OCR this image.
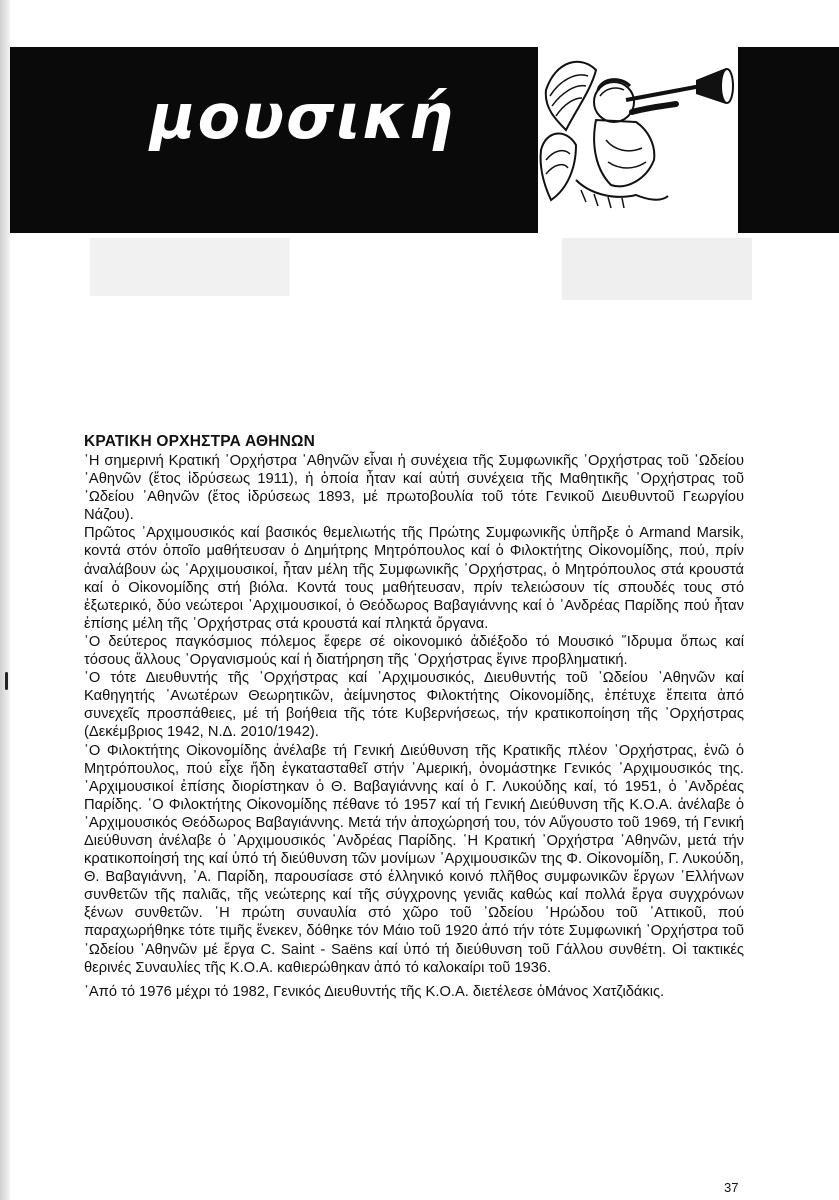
μουσική
ΚΡΑΤΙΚΗ ΟΡΧΗΣΤΡΑ ΑΘΗΝΩΝ

῾Η σημερινή Κρατική ᾿Ορχήστρα ᾿Αθηνῶν εἶναι ἡ συνέχεια τῆς Συμφωνικῆς ᾿Ορχήστρας τοῦ ᾿Ωδείου ᾿Αθηνῶν (ἔτος ἱδρύσεως 1911), ἡ ὁποία ἦταν καί αὐτή συνέχεια τῆς Μαθητικῆς ᾿Ορχήστρας τοῦ ᾿Ωδείου ᾿Αθηνῶν (ἔτος ἱδρύσεως 1893, μέ πρωτοβουλία τοῦ τότε Γενικοῦ Διευθυντοῦ Γεωργίου Νάζου).

Πρῶτος ᾿Αρχιμουσικός καί βασικός θεμελιωτής τῆς Πρώτης Συμφωνικῆς ὑπῆρξε ὁ Armand Marsik, κοντά στόν ὁποῖο μαθήτευσαν ὁ Δημήτρης Μητρόπουλος καί ὁ Φιλοκτήτης Οἰκονομίδης, πού, πρίν ἀναλάβουν ὡς ᾿Αρχιμουσικοί, ἦταν μέλη τῆς Συμφωνικῆς ᾿Ορχήστρας, ὁ Μητρόπουλος στά κρουστά καί ὁ Οἰκονομίδης στή βιόλα. Κοντά τους μαθήτευσαν, πρίν τελειώσουν τίς σπουδές τους στό ἐξωτερικό, δύο νεώτεροι ᾿Αρχιμουσικοί, ὁ Θεόδωρος Βαβαγιάννης καί ὁ ᾿Ανδρέας Παρίδης πού ἦταν ἐπίσης μέλη τῆς ᾿Ορχήστρας στά κρουστά καί πληκτά ὄργανα.

῾Ο δεύτερος παγκόσμιος πόλεμος ἔφερε σέ οἰκονομικό ἀδιέξοδο τό Μουσικό ῞Ιδρυμα ὅπως καί τόσους ἄλλους ᾿Οργανισμούς καί ἡ διατήρηση τῆς ᾿Ορχήστρας ἔγινε προβληματική.

῾Ο τότε Διευθυντής τῆς ᾿Ορχήστρας καί ᾿Αρχιμουσικός, Διευθυντής τοῦ ᾿Ωδείου ᾿Αθηνῶν καί Καθηγητής ᾿Ανωτέρων Θεωρητικῶν, ἀείμνηστος Φιλοκτήτης Οἰκονομίδης, ἐπέτυχε ἔπειτα ἀπό συνεχεῖς προσπάθειες, μέ τή βοήθεια τῆς τότε Κυβερνήσεως, τήν κρατικοποίηση τῆς ᾿Ορχήστρας (Δεκέμβριος 1942, Ν.Δ. 2010/1942).

῾Ο Φιλοκτήτης Οἰκονομίδης ἀνέλαβε τή Γενική Διεύθυνση τῆς Κρατικῆς πλέον ᾿Ορχήστρας, ἐνῶ ὁ Μητρόπουλος, πού εἶχε ἤδη ἐγκατασταθεῖ στήν ᾿Αμερική, ὀνομάστηκε Γενικός ᾿Αρχιμουσικός της. ᾿Αρχιμουσικοί ἐπίσης διορίστηκαν ὁ Θ. Βαβαγιάννης καί ὁ Γ. Λυκούδης καί, τό 1951, ὁ ᾿Ανδρέας Παρίδης. ῾Ο Φιλοκτήτης Οἰκονομίδης πέθανε τό 1957 καί τή Γενική Διεύθυνση τῆς Κ.Ο.Α. ἀνέλαβε ὁ ᾿Αρχιμουσικός Θεόδωρος Βαβαγιάννης. Μετά τήν ἀποχώρησή του, τόν Αὔγουστο τοῦ 1969, τή Γενική Διεύθυνση ἀνέλαβε ὁ ᾿Αρχιμουσικός ᾿Ανδρέας Παρίδης. ῾Η Κρατική ᾿Ορχήστρα ᾿Αθηνῶν, μετά τήν κρατικοποίησή της καί ὑπό τή διεύθυνση τῶν μονίμων ᾿Αρχιμουσικῶν της Φ. Οἰκονομίδη, Γ. Λυκούδη, Θ. Βαβαγιάννη, ᾿Α. Παρίδη, παρουσίασε στό ἑλληνικό κοινό πλῆθος συμφωνικῶν ἔργων ῾Ελλήνων συνθετῶν τῆς παλιᾶς, τῆς νεώτερης καί τῆς σύγχρονης γενιᾶς καθώς καί πολλά ἔργα συγχρόνων ξένων συνθετῶν. ῾Η πρώτη συναυλία στό χῶρο τοῦ ᾿Ωδείου ῾Ηρώδου τοῦ ᾿Αττικοῦ, πού παραχωρήθηκε τότε τιμῆς ἕνεκεν, δόθηκε τόν Μάιο τοῦ 1920 ἀπό τήν τότε Συμφωνική ᾿Ορχήστρα τοῦ ᾿Ωδείου ᾿Αθηνῶν μέ ἔργα C. Saint - Saëns καί ὑπό τή διεύθυνση τοῦ Γάλλου συνθέτη. Οἱ τακτικές θερινές Συναυλίες τῆς Κ.Ο.Α. καθιερώθηκαν ἀπό τό καλοκαίρι τοῦ 1936.

᾿Από τό 1976 μέχρι τό 1982, Γενικός Διευθυντής τῆς Κ.Ο.Α. διετέλεσε ὁΜάνος Χατζιδάκις.

37
